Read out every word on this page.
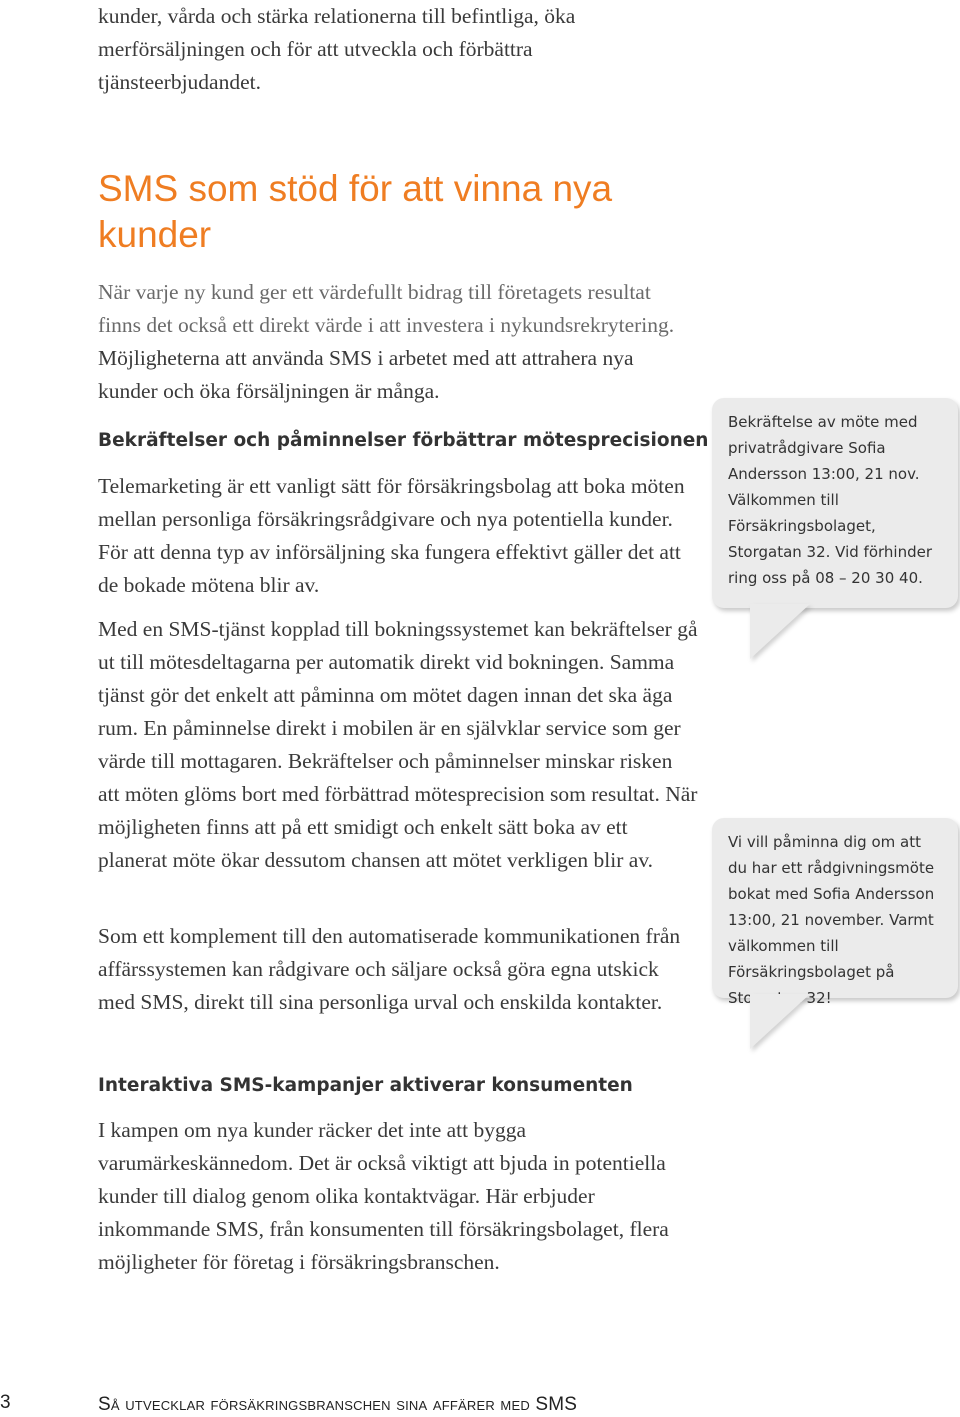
kunder, vårda och stärka relationerna till befintliga, öka merförsäljningen och för att utveckla och förbättra tjänsteerbjudandet.

SMS som stöd för att vinna nya kunder

När varje ny kund ger ett värdefullt bidrag till företagets resultat finns det också ett direkt värde i att investera i nykundsrekrytering. Möjligheterna att använda SMS i arbetet med att attrahera nya kunder och öka försäljningen är många.

Bekräftelser och påminnelser förbättrar mötesprecisionen

Telemarketing är ett vanligt sätt för försäkringsbolag att boka möten mellan personliga försäkringsrådgivare och nya potentiella kunder. För att denna typ av införsäljning ska fungera effektivt gäller det att de bokade mötena blir av.

Med en SMS-tjänst kopplad till bokningssystemet kan bekräftelser gå ut till mötesdeltagarna per automatik direkt vid bokningen. Samma tjänst gör det enkelt att påminna om mötet dagen innan det ska äga rum. En påminnelse direkt i mobilen är en självklar service som ger värde till mottagaren. Bekräftelser och påminnelser minskar risken att möten glöms bort med förbättrad mötesprecision som resultat. När möjligheten finns att på ett smidigt och enkelt sätt boka av ett planerat möte ökar dessutom chansen att mötet verkligen blir av.

Som ett komplement till den automatiserade kommunikationen från affärssystemen kan rådgivare och säljare också göra egna utskick med SMS, direkt till sina personliga urval och enskilda kontakter.

Interaktiva SMS-kampanjer aktiverar konsumenten

I kampen om nya kunder räcker det inte att bygga varumärkeskännedom. Det är också viktigt att bjuda in potentiella kunder till dialog genom olika kontaktvägar. Här erbjuder inkommande SMS, från konsumenten till försäkringsbolaget, flera möjligheter för företag i försäkringsbranschen.

Bekräftelse av möte med privatrådgivare Sofia Andersson 13:00, 21 nov. Välkommen till Försäkringsbolaget, Storgatan 32. Vid förhinder ring oss på 08 – 20 30 40.
Vi vill påminna dig om att du har ett rådgivningsmöte bokat med Sofia Andersson 13:00, 21 november. Varmt välkommen till Försäkringsbolaget på Storgatan 32!
3	Så utvecklar försäkringsbranschen sina affärer med SMS
